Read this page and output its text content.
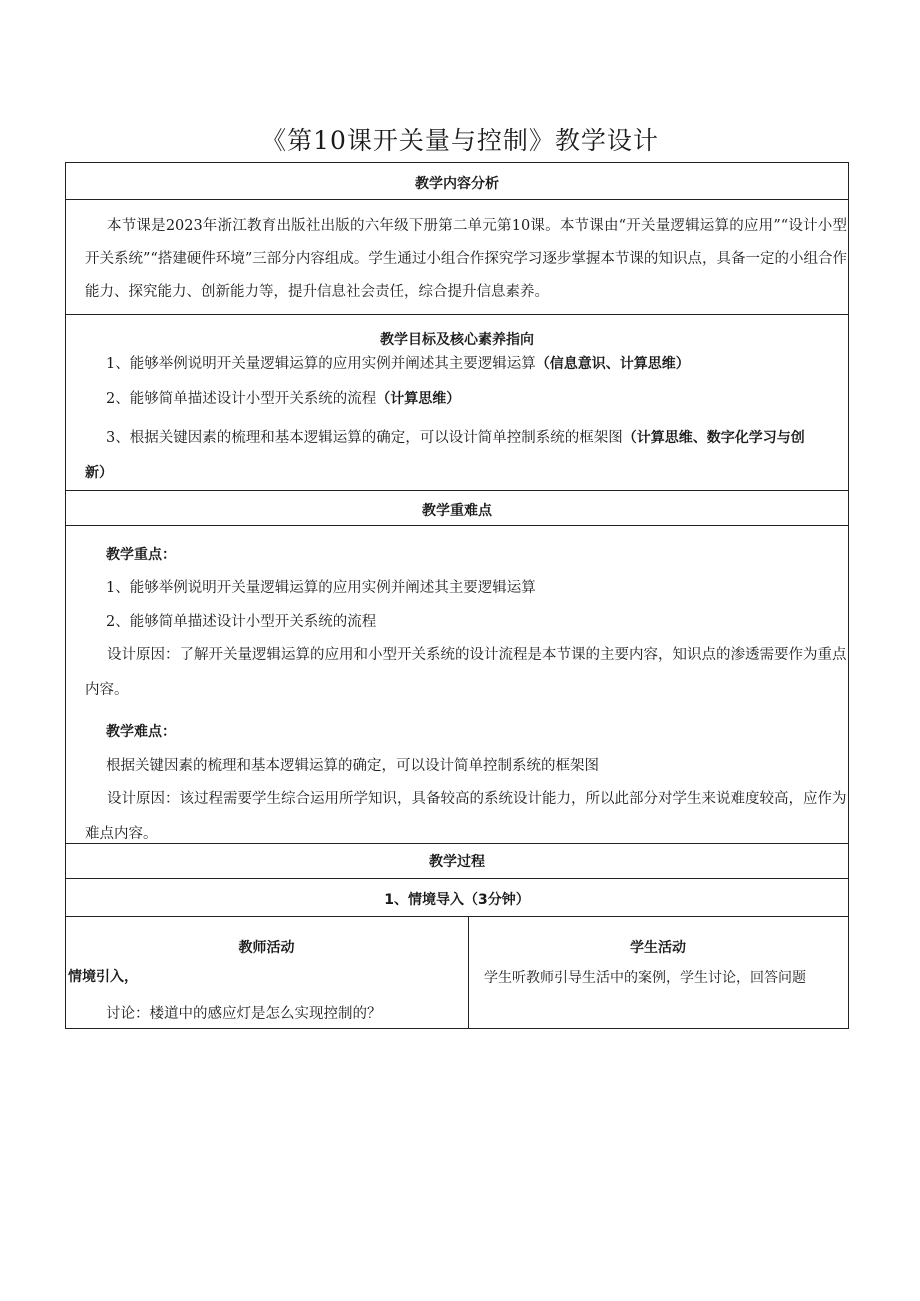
《第10课开关量与控制》教学设计
教学内容分析
本节课是2023年浙江教育出版社出版的六年级下册第二单元第10课。本节课由“开关量逻辑运算的应用”“设计小型开关系统”“搭建硬件环境”三部分内容组成。学生通过小组合作探究学习逐步掌握本节课的知识点，具备一定的小组合作能力、探究能力、创新能力等，提升信息社会责任，综合提升信息素养。
教学目标及核心素养指向
1、能够举例说明开关量逻辑运算的应用实例并阐述其主要逻辑运算（信息意识、计算思维）
2、能够简单描述设计小型开关系统的流程（计算思维）
3、根据关键因素的梳理和基本逻辑运算的确定，可以设计简单控制系统的框架图（计算思维、数字化学习与创新）
教学重难点
教学重点：
1、能够举例说明开关量逻辑运算的应用实例并阐述其主要逻辑运算
2、能够简单描述设计小型开关系统的流程
设计原因：了解开关量逻辑运算的应用和小型开关系统的设计流程是本节课的主要内容，知识点的渗透需要作为重点内容。
教学难点：
根据关键因素的梳理和基本逻辑运算的确定，可以设计简单控制系统的框架图
设计原因：该过程需要学生综合运用所学知识，具备较高的系统设计能力，所以此部分对学生来说难度较高，应作为难点内容。
教学过程
1、情境导入（3分钟）
教师活动	学生活动
情境引入，
讨论：楼道中的感应灯是怎么实现控制的？
学生听教师引导生活中的案例，学生讨论，回答问题
